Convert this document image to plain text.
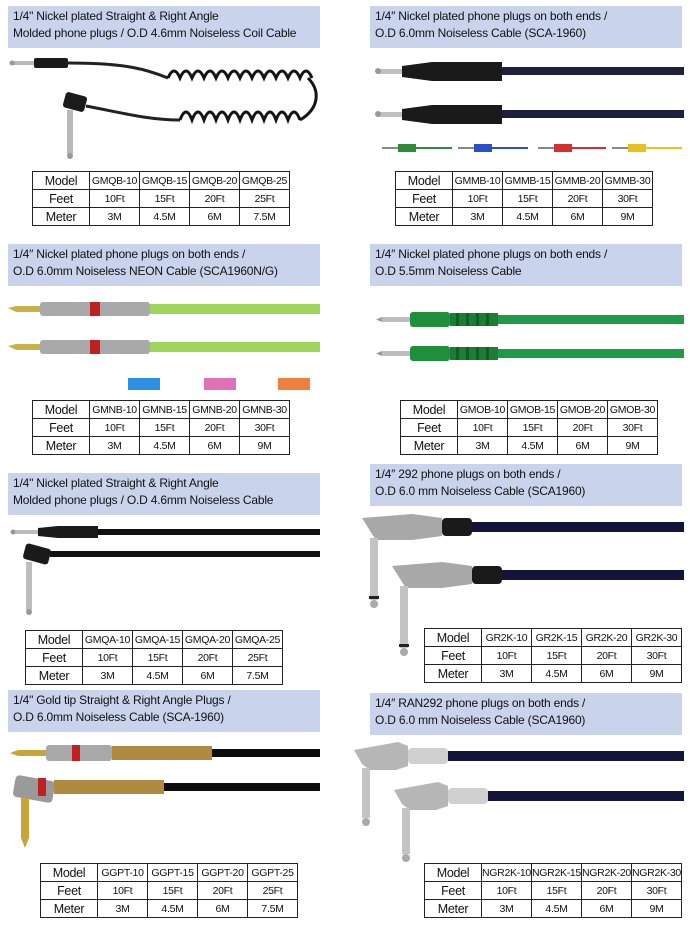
1/4" Nickel plated Straight & Right Angle
Molded phone plugs / O.D 4.6mm Noiseless Coil Cable
Model	GMQB-10	GMQB-15	GMQB-20	GMQB-25
Feet	10Ft	15Ft	20Ft	25Ft
Meter	3M	4.5M	6M	7.5M
1/4″ Nickel plated phone plugs on both ends /
O.D 6.0mm Noiseless Cable (SCA-1960)
Model	GMMB-10	GMMB-15	GMMB-20	GMMB-30
Feet	10Ft	15Ft	20Ft	30Ft
Meter	3M	4.5M	6M	9M
1/4″ Nickel plated phone plugs on both ends /
O.D 6.0mm Noiseless NEON Cable (SCA1960N/G)
Model	GMNB-10	GMNB-15	GMNB-20	GMNB-30
Feet	10Ft	15Ft	20Ft	30Ft
Meter	3M	4.5M	6M	9M
1/4″ Nickel plated phone plugs on both ends /
O.D 5.5mm Noiseless Cable
Model	GMOB-10	GMOB-15	GMOB-20	GMOB-30
Feet	10Ft	15Ft	20Ft	30Ft
Meter	3M	4.5M	6M	9M
1/4" Nickel plated Straight & Right Angle
Molded phone plugs / O.D 4.6mm Noiseless Cable
Model	GMQA-10	GMQA-15	GMQA-20	GMQA-25
Feet	10Ft	15Ft	20Ft	25Ft
Meter	3M	4.5M	6M	7.5M
1/4″ 292 phone plugs on both ends /
O.D 6.0 mm Noiseless Cable (SCA1960)
Model	GR2K-10	GR2K-15	GR2K-20	GR2K-30
Feet	10Ft	15Ft	20Ft	30Ft
Meter	3M	4.5M	6M	9M
1/4" Gold tip Straight & Right Angle Plugs /
O.D 6.0mm Noiseless Cable (SCA-1960)
Model	GGPT-10	GGPT-15	GGPT-20	GGPT-25
Feet	10Ft	15Ft	20Ft	25Ft
Meter	3M	4.5M	6M	7.5M
1/4″ RAN292 phone plugs on both ends /
O.D 6.0 mm Noiseless Cable (SCA1960)
Model	NGR2K-10	NGR2K-15	NGR2K-20	NGR2K-30
Feet	10Ft	15Ft	20Ft	30Ft
Meter	3M	4.5M	6M	9M
